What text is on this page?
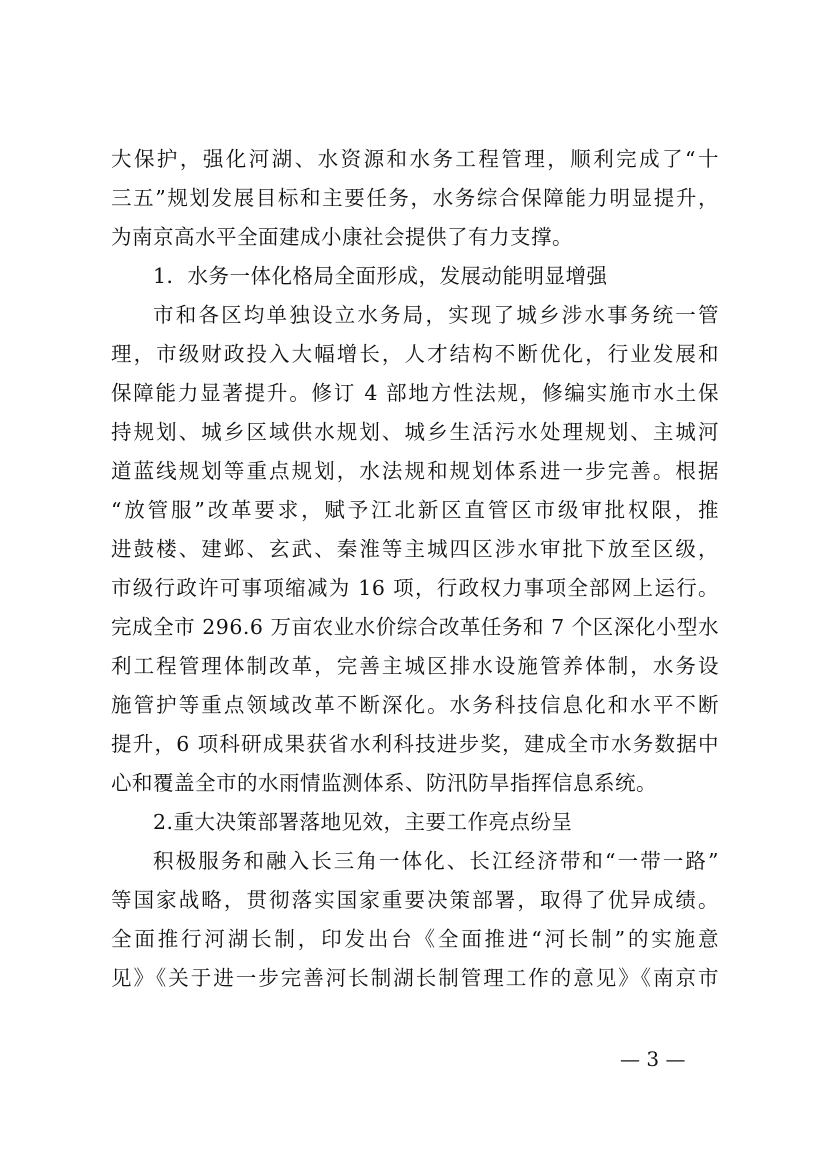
大保护，强化河湖、水资源和水务工程管理，顺利完成了“十
三五”规划发展目标和主要任务，水务综合保障能力明显提升，
为南京高水平全面建成小康社会提供了有力支撑。
1．水务一体化格局全面形成，发展动能明显增强
市和各区均单独设立水务局，实现了城乡涉水事务统一管
理，市级财政投入大幅增长，人才结构不断优化，行业发展和
保障能力显著提升。修订 4 部地方性法规，修编实施市水土保
持规划、城乡区域供水规划、城乡生活污水处理规划、主城河
道蓝线规划等重点规划，水法规和规划体系进一步完善。根据
“放管服”改革要求，赋予江北新区直管区市级审批权限，推
进鼓楼、建邺、玄武、秦淮等主城四区涉水审批下放至区级，
市级行政许可事项缩减为 16 项，行政权力事项全部网上运行。
完成全市 296.6 万亩农业水价综合改革任务和 7 个区深化小型水
利工程管理体制改革，完善主城区排水设施管养体制，水务设
施管护等重点领域改革不断深化。水务科技信息化和水平不断
提升，6 项科研成果获省水利科技进步奖，建成全市水务数据中
心和覆盖全市的水雨情监测体系、防汛防旱指挥信息系统。
2.重大决策部署落地见效，主要工作亮点纷呈
积极服务和融入长三角一体化、长江经济带和“一带一路”
等国家战略，贯彻落实国家重要决策部署，取得了优异成绩。
全面推行河湖长制，印发出台《全面推进“河长制”的实施意
见》《关于进一步完善河长制湖长制管理工作的意见》《南京市
— 3 —
